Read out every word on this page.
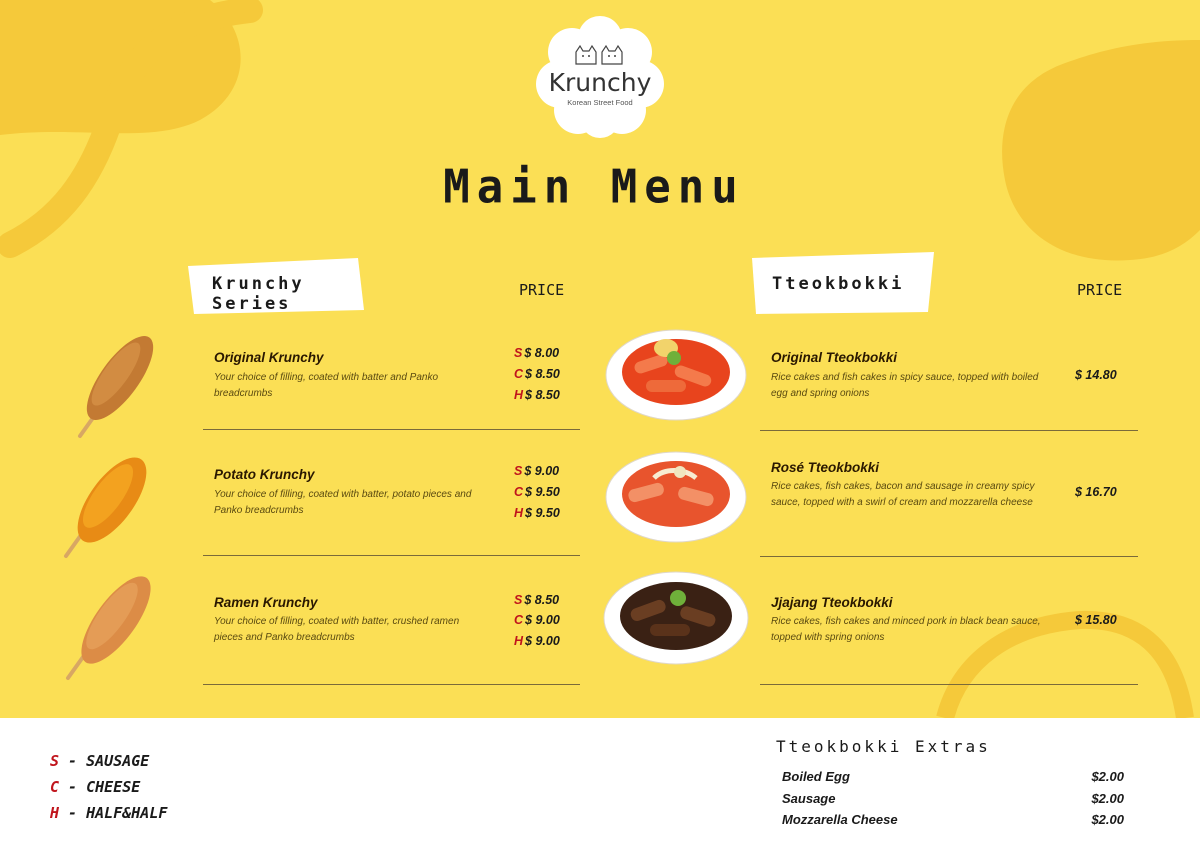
Krunchy
Korean Street Food
Main Menu
Krunchy Series
PRICE	Tteokbokki	PRICE
Original Krunchy
Your choice of filling, coated with batter and Panko breadcrumbs
S $ 8.00
C $ 8.50
H $ 8.50
Potato Krunchy
Your choice of filling, coated with batter, potato pieces and Panko breadcrumbs
S $ 9.00
C $ 9.50
H $ 9.50
Ramen Krunchy
Your choice of filling, coated with batter, crushed ramen pieces and Panko breadcrumbs
S $ 8.50
C $ 9.00
H $ 9.00
Original Tteokbokki
Rice cakes and fish cakes in spicy sauce, topped with boiled egg and spring onions
$ 14.80
Rosé Tteokbokki
Rice cakes, fish cakes, bacon and sausage in creamy spicy sauce, topped with a swirl of cream and mozzarella cheese
$ 16.70
Jjajang Tteokbokki
Rice cakes, fish cakes and minced pork in black bean sauce, topped with spring onions
$ 15.80
S - SAUSAGE
C - CHEESE
H - HALF&HALF
Tteokbokki Extras
Boiled Egg	$2.00
Sausage	$2.00
Mozzarella Cheese	$2.00
